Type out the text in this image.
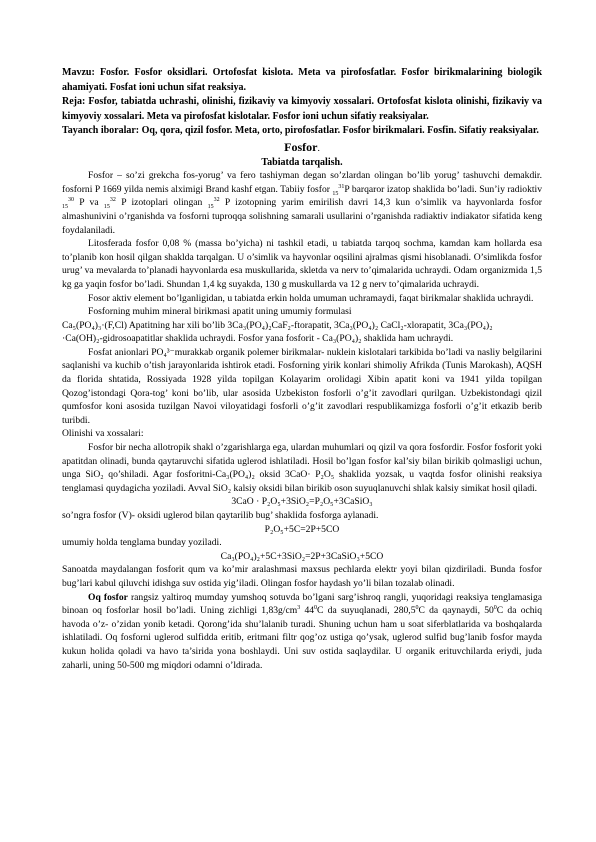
Mavzu: Fosfor. Fosfor oksidlari. Ortofosfat kislota. Meta va pirofosfatlar. Fosfor birikmalarining biologik ahamiyati. Fosfat ioni uchun sifat reaksiya.

Reja: Fosfor, tabiatda uchrashi, olinishi, fizikaviy va kimyoviy xossalari. Ortofosfat kislota olinishi, fizikaviy va kimyoviy xossalari. Meta va pirofosfat kislotalar. Fosfor ioni uchun sifatiy reaksiyalar.

Tayanch iboralar: Oq, qora, qizil fosfor. Meta, orto, pirofosfatlar. Fosfor birikmalari. Fosfin. Sifatiy reaksiyalar.

Fosfor.

Tabiatda tarqalish.

Fosfor – so’zi grekcha fos-yorug’ va fero tashiyman degan so’zlardan olingan bo’lib yorug’ tashuvchi demakdir. fosforni P 1669 yilda nemis alximigi Brand kashf etgan. Tabiiy fosfor $_{15}^{31}$P barqaror izatop shaklida bo’ladi. Sun’iy radioktiv $_{15}^{30}$ P va $_{15}^{32}$ P izotoplari olingan $_{15}^{32}$ P izotopning yarim emirilish davri 14,3 kun o’simlik va hayvonlarda fosfor almashunivini o’rganishda va fosforni tuproqqa solishning samarali usullarini o’rganishda radiaktiv indiakator sifatida keng foydalaniladi.

Litosferada fosfor 0,08 % (massa bo’yicha) ni tashkil etadi, u tabiatda tarqoq sochma, kamdan kam hollarda esa to’planib kon hosil qilgan shaklda tarqalgan. U o’simlik va hayvonlar oqsilini ajralmas qismi hisoblanadi. O’simlikda fosfor urug’ va mevalarda to’planadi hayvonlarda esa muskullarida, skletda va nerv to’qimalarida uchraydi. Odam organizmida 1,5 kg ga yaqin fosfor bo’ladi. Shundan 1,4 kg suyakda, 130 g muskullarda va 12 g nerv to’qimalarida uchraydi.

Fosor aktiv element bo’lganligidan, u tabiatda erkin holda umuman uchramaydi, faqat birikmalar shaklida uchraydi.

Fosforning muhim mineral birikmasi apatit uning umumiy formulasi

Ca₅(PO₄)₃·(F,Cl) Apatitning har xili bo’lib 3Ca₃(PO₄)₂CaF₂-ftorapatit, 3Ca₃(PO₄)₂ CaCl₂-xlorapatit, 3Ca₃(PO₄)₂

·Ca(OH)₂-gidrosoapatitlar shaklida uchraydi. Fosfor yana fosforit - Ca₃(PO₄)₂ shaklida ham uchraydi.

Fosfat anionlari PO₄³⁻murakkab organik polemer birikmalar- nuklein kislotalari tarkibida bo’ladi va nasliy belgilarini saqlanishi va kuchib o’tish jarayonlarida ishtirok etadi. Fosforning yirik konlari shimoliy Afrikda (Tunis Marokash), AQSH da florida shtatida, Rossiyada 1928 yilda topilgan Kolayarim orolidagi Xibin apatit koni va 1941 yilda topilgan Qozog’istondagi Qora-tog’ koni bo’lib, ular asosida Uzbekiston fosforli o’g’it zavodlari qurilgan. Uzbekistondagi qizil qumfosfor koni asosida tuzilgan Navoi viloyatidagi fosforli o’g’it zavodlari respublikamizga fosforli o’g’it etkazib berib turibdi.

Olinishi va xossalari:

Fosfor bir necha allotropik shakl o’zgarishlarga ega, ulardan muhumlari oq qizil va qora fosfordir. Fosfor fosforit yoki apatitdan olinadi, bunda qaytaruvchi sifatida uglerod ishlatiladi. Hosil bo’lgan fosfor kal’siy bilan birikib qolmasligi uchun, unga SiO₂ qo’shiladi. Agar fosforitni-Ca₃(PO₄)₂ oksid 3CaO· P₂O₅ shaklida yozsak, u vaqtda fosfor olinishi reaksiya tenglamasi quydagicha yoziladi. Avval SiO₂ kalsiy oksidi bilan birikib oson suyuqlanuvchi shlak kalsiy simikat hosil qiladi.

3CaO · P₂O₅+3SiO₂=P₂O₅+3CaSiO₃

so’ngra fosfor (V)- oksidi uglerod bilan qaytarilib bug’ shaklida fosforga aylanadi.

P₂O₅+5C=2P+5CO

umumiy holda tenglama bunday yoziladi.

Ca₃(PO₄)₂+5C+3SiO₂=2P+3CaSiO₃+5CO

Sanoatda maydalangan fosforit qum va ko’mir aralashmasi maxsus pechlarda elektr yoyi bilan qizdiriladi. Bunda fosfor bug’lari kabul qiluvchi idishga suv ostida yig’iladi. Olingan fosfor haydash yo’li bilan tozalab olinadi.

Oq fosfor rangsiz yaltiroq mumday yumshoq sotuvda bo’lgani sarg’ishroq rangli, yuqoridagi reaksiya tenglamasiga binoan oq fosforlar hosil bo’ladi. Uning zichligi $1,83g/cm^3$ $44^0C$ da suyuqlanadi, 280,5$^0$C da qaynaydi, $50^0C$ da ochiq havoda o’z- o’zidan yonib ketadi. Qorong’ida shu’lalanib turadi. Shuning uchun ham u soat siferblatlarida va boshqalarda ishlatiladi. Oq fosforni uglerod sulfidda eritib, eritmani filtr qog’oz ustiga qo’ysak, uglerod sulfid bug’lanib fosfor mayda kukun holida qoladi va havo ta’sirida yona boshlaydi. Uni suv ostida saqlaydilar. U organik erituvchilarda eriydi, juda zaharli, uning 50-500 mg miqdori odamni o’ldirada.
